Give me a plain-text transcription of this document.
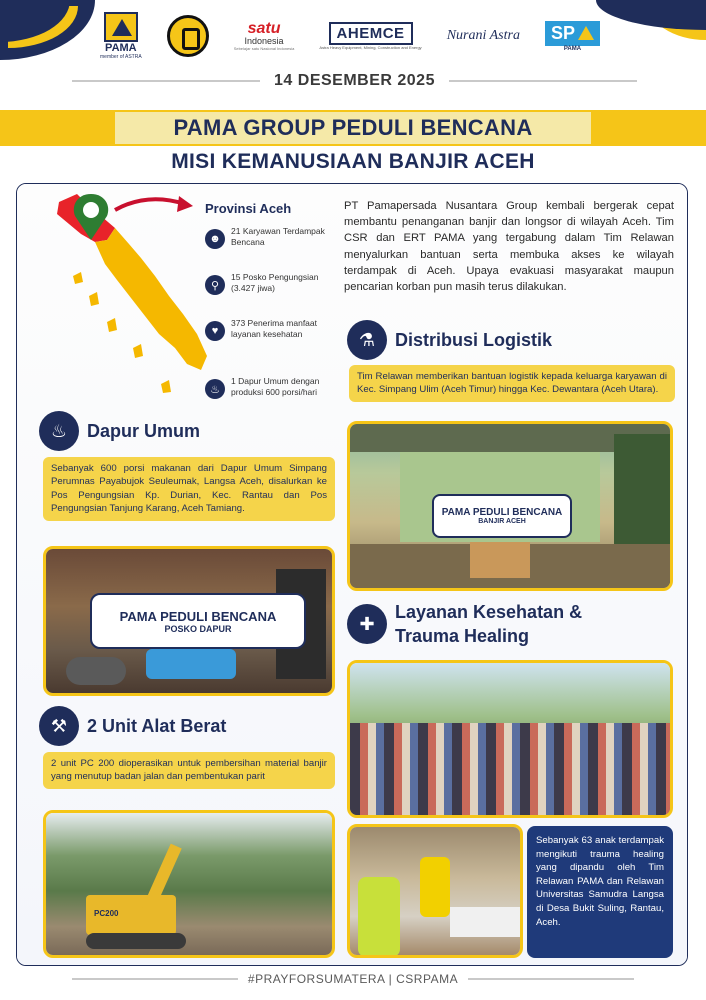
PAMA
member of ASTRA
satu
Indonesia
Sebelajar satu Nasional Indonesia
AHEMCE
Astra Heavy Equipment, Mining, Construction and Energy
Nurani Astra SP
PAMA
14 DESEMBER 2025
PAMA GROUP PEDULI BENCANA
MISI KEMANUSIAAN BANJIR ACEH
Provinsi Aceh
☻
21 Karyawan Terdampak Bencana
⚲
15 Posko Pengungsian (3.427 jiwa)
♥
373 Penerima manfaat layanan kesehatan
♨
1 Dapur Umum dengan produksi 600 porsi/hari

PT Pamapersada Nusantara Group kembali bergerak cepat membantu penanganan banjir dan longsor di wilayah Aceh. Tim CSR dan ERT PAMA yang tergabung dalam Tim Relawan menyalurkan bantuan serta membuka akses ke wilayah terdampak di Aceh. Upaya evakuasi masyarakat maupun pencarian korban pun masih terus dilakukan.

⚗	Distribusi Logistik
Tim Relawan memberikan bantuan logistik kepada keluarga karyawan di Kec. Simpang Ulim (Aceh Timur) hingga Kec. Dewantara (Aceh Utara).
PAMA PEDULI BENCANA
BANJIR ACEH
✚
Layanan Kesehatan &
Trauma Healing
Sebanyak 63 anak terdampak mengikuti trauma healing yang dipandu oleh Tim Relawan PAMA dan Relawan Universitas Samudra Langsa di Desa Bukit Suling, Rantau, Aceh.
♨	Dapur Umum
Sebanyak 600 porsi makanan dari Dapur Umum Simpang Perumnas Payabujok Seuleumak, Langsa Aceh, disalurkan ke Pos Pengungsian Kp. Durian, Kec. Rantau dan Pos Pengungsian Tanjung Karang, Aceh Tamiang.
PAMA PEDULI BENCANA
POSKO DAPUR
⚒	2 Unit Alat Berat
2 unit PC 200 dioperasikan untuk pembersihan material banjir yang menutup badan jalan dan pembentukan parit
PC200
#PRAYFORSUMATERA | CSRPAMA
